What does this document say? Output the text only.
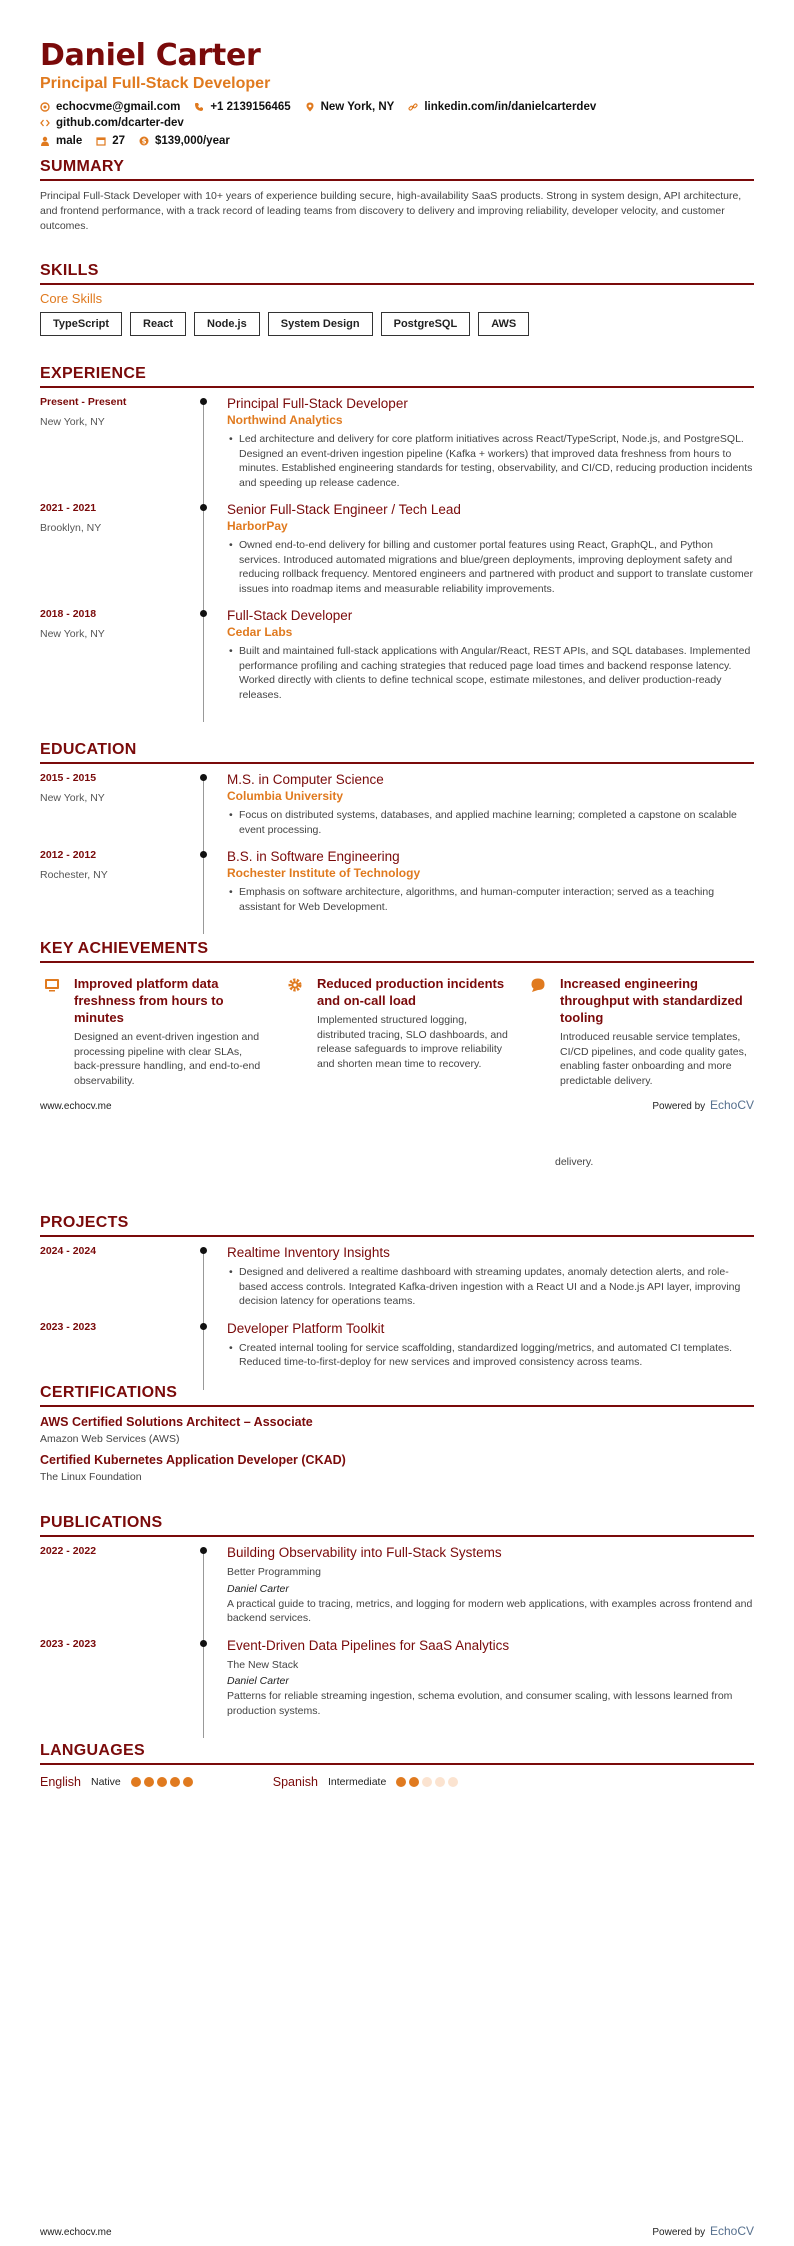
Daniel Carter
Principal Full-Stack Developer
echocvme@gmail.com	+1 2139156465	New York, NY	linkedin.com/in/danielcarterdev
github.com/dcarter-dev
male	27 $ $139,000/year
SUMMARY
Principal Full-Stack Developer with 10+ years of experience building secure, high-availability SaaS products. Strong in system design, API architecture, and frontend performance, with a track record of leading teams from discovery to delivery and improving reliability, developer velocity, and customer outcomes.
SKILLS
Core Skills
TypeScript	React	Node.js	System Design	PostgreSQL	AWS
EXPERIENCE
Present - Present
New York, NY
Principal Full-Stack Developer
Northwind Analytics
• Led architecture and delivery for core platform initiatives across React/TypeScript, Node.js, and PostgreSQL. Designed an event-driven ingestion pipeline (Kafka + workers) that improved data freshness from hours to minutes. Established engineering standards for testing, observability, and CI/CD, reducing production incidents and speeding up release cadence.
2021 - 2021
Brooklyn, NY
Senior Full-Stack Engineer / Tech Lead
HarborPay
• Owned end-to-end delivery for billing and customer portal features using React, GraphQL, and Python services. Introduced automated migrations and blue/green deployments, improving deployment safety and reducing rollback frequency. Mentored engineers and partnered with product and support to translate customer issues into roadmap items and measurable reliability improvements.
2018 - 2018
New York, NY
Full-Stack Developer
Cedar Labs
• Built and maintained full-stack applications with Angular/React, REST APIs, and SQL databases. Implemented performance profiling and caching strategies that reduced page load times and backend response latency. Worked directly with clients to define technical scope, estimate milestones, and deliver production-ready releases.
EDUCATION
2015 - 2015
New York, NY
M.S. in Computer Science
Columbia University
• Focus on distributed systems, databases, and applied machine learning; completed a capstone on scalable event processing.
2012 - 2012
Rochester, NY
B.S. in Software Engineering
Rochester Institute of Technology
• Emphasis on software architecture, algorithms, and human-computer interaction; served as a teaching assistant for Web Development.
KEY ACHIEVEMENTS
Improved platform data freshness from hours to minutes
Designed an event-driven ingestion and processing pipeline with clear SLAs, back-pressure handling, and end-to-end observability.
Reduced production incidents and on-call load
Implemented structured logging, distributed tracing, SLO dashboards, and release safeguards to improve reliability and shorten mean time to recovery.
Increased engineering throughput with standardized tooling
Introduced reusable service templates, CI/CD pipelines, and code quality gates, enabling faster onboarding and more predictable delivery.
www.echocv.me	Powered by EchoCV
delivery.
PROJECTS
2024 - 2024	Realtime Inventory Insights
• Designed and delivered a realtime dashboard with streaming updates, anomaly detection alerts, and role-based access controls. Integrated Kafka-driven ingestion with a React UI and a Node.js API layer, improving decision latency for operations teams.
2023 - 2023	Developer Platform Toolkit
• Created internal tooling for service scaffolding, standardized logging/metrics, and automated CI templates. Reduced time-to-first-deploy for new services and improved consistency across teams.
CERTIFICATIONS
AWS Certified Solutions Architect – Associate
Amazon Web Services (AWS)
Certified Kubernetes Application Developer (CKAD)
The Linux Foundation
PUBLICATIONS
2022 - 2022	Building Observability into Full-Stack Systems
Better Programming
Daniel Carter
A practical guide to tracing, metrics, and logging for modern web applications, with examples across frontend and backend services.
2023 - 2023	Event-Driven Data Pipelines for SaaS Analytics
The New Stack
Daniel Carter
Patterns for reliable streaming ingestion, schema evolution, and consumer scaling, with lessons learned from production systems.
LANGUAGES
English Native	Spanish Intermediate
www.echocv.me	Powered by EchoCV
